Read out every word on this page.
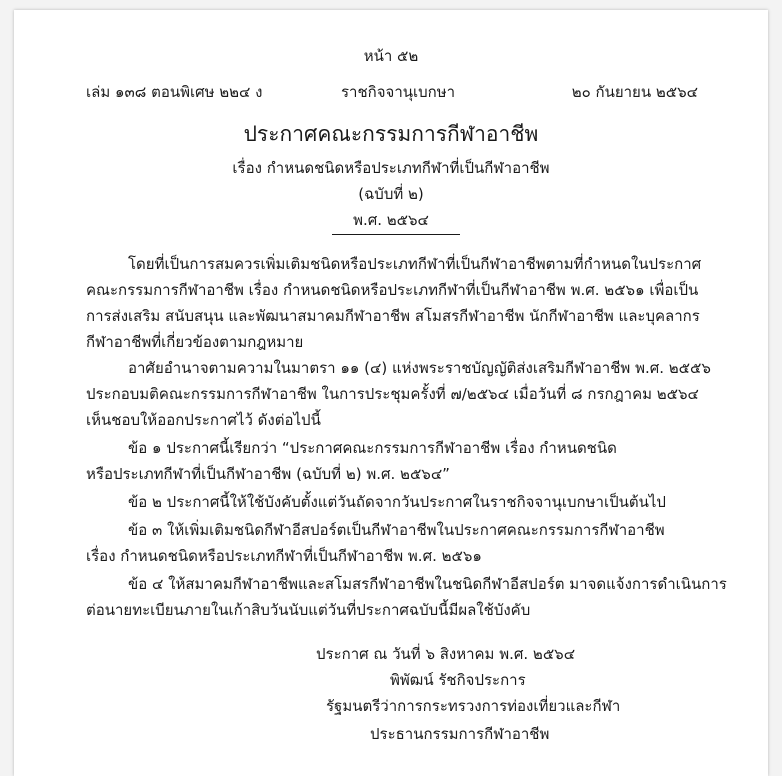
หน้า ๕๒
เล่ม ๑๓๘ ตอนพิเศษ ๒๒๔ ง	ราชกิจจานุเบกษา	๒๐ กันยายน ๒๕๖๔
ประกาศคณะกรรมการกีฬาอาชีพ
เรื่อง กำหนดชนิดหรือประเภทกีฬาที่เป็นกีฬาอาชีพ
(ฉบับที่ ๒)
พ.ศ. ๒๕๖๔
โดยที่เป็นการสมควรเพิ่มเติมชนิดหรือประเภทกีฬาที่เป็นกีฬาอาชีพตามที่กำหนดในประกาศ
คณะกรรมการกีฬาอาชีพ เรื่อง กำหนดชนิดหรือประเภทกีฬาที่เป็นกีฬาอาชีพ พ.ศ. ๒๕๖๑ เพื่อเป็น
การส่งเสริม สนับสนุน และพัฒนาสมาคมกีฬาอาชีพ สโมสรกีฬาอาชีพ นักกีฬาอาชีพ และบุคลากร
กีฬาอาชีพที่เกี่ยวข้องตามกฎหมาย
อาศัยอำนาจตามความในมาตรา ๑๑ (๔) แห่งพระราชบัญญัติส่งเสริมกีฬาอาชีพ พ.ศ. ๒๕๕๖
ประกอบมติคณะกรรมการกีฬาอาชีพ ในการประชุมครั้งที่ ๗/๒๕๖๔ เมื่อวันที่ ๘ กรกฎาคม ๒๕๖๔
เห็นชอบให้ออกประกาศไว้ ดังต่อไปนี้
ข้อ ๑ ประกาศนี้เรียกว่า “ประกาศคณะกรรมการกีฬาอาชีพ เรื่อง กำหนดชนิด
หรือประเภทกีฬาที่เป็นกีฬาอาชีพ (ฉบับที่ ๒) พ.ศ. ๒๕๖๔”
ข้อ ๒ ประกาศนี้ให้ใช้บังคับตั้งแต่วันถัดจากวันประกาศในราชกิจจานุเบกษาเป็นต้นไป
ข้อ ๓ ให้เพิ่มเติมชนิดกีฬาอีสปอร์ตเป็นกีฬาอาชีพในประกาศคณะกรรมการกีฬาอาชีพ
เรื่อง กำหนดชนิดหรือประเภทกีฬาที่เป็นกีฬาอาชีพ พ.ศ. ๒๕๖๑
ข้อ ๔ ให้สมาคมกีฬาอาชีพและสโมสรกีฬาอาชีพในชนิดกีฬาอีสปอร์ต มาจดแจ้งการดำเนินการ
ต่อนายทะเบียนภายในเก้าสิบวันนับแต่วันที่ประกาศฉบับนี้มีผลใช้บังคับ
ประกาศ ณ วันที่ ๖ สิงหาคม พ.ศ. ๒๕๖๔
พิพัฒน์ รัชกิจประการ
รัฐมนตรีว่าการกระทรวงการท่องเที่ยวและกีฬา
ประธานกรรมการกีฬาอาชีพ
